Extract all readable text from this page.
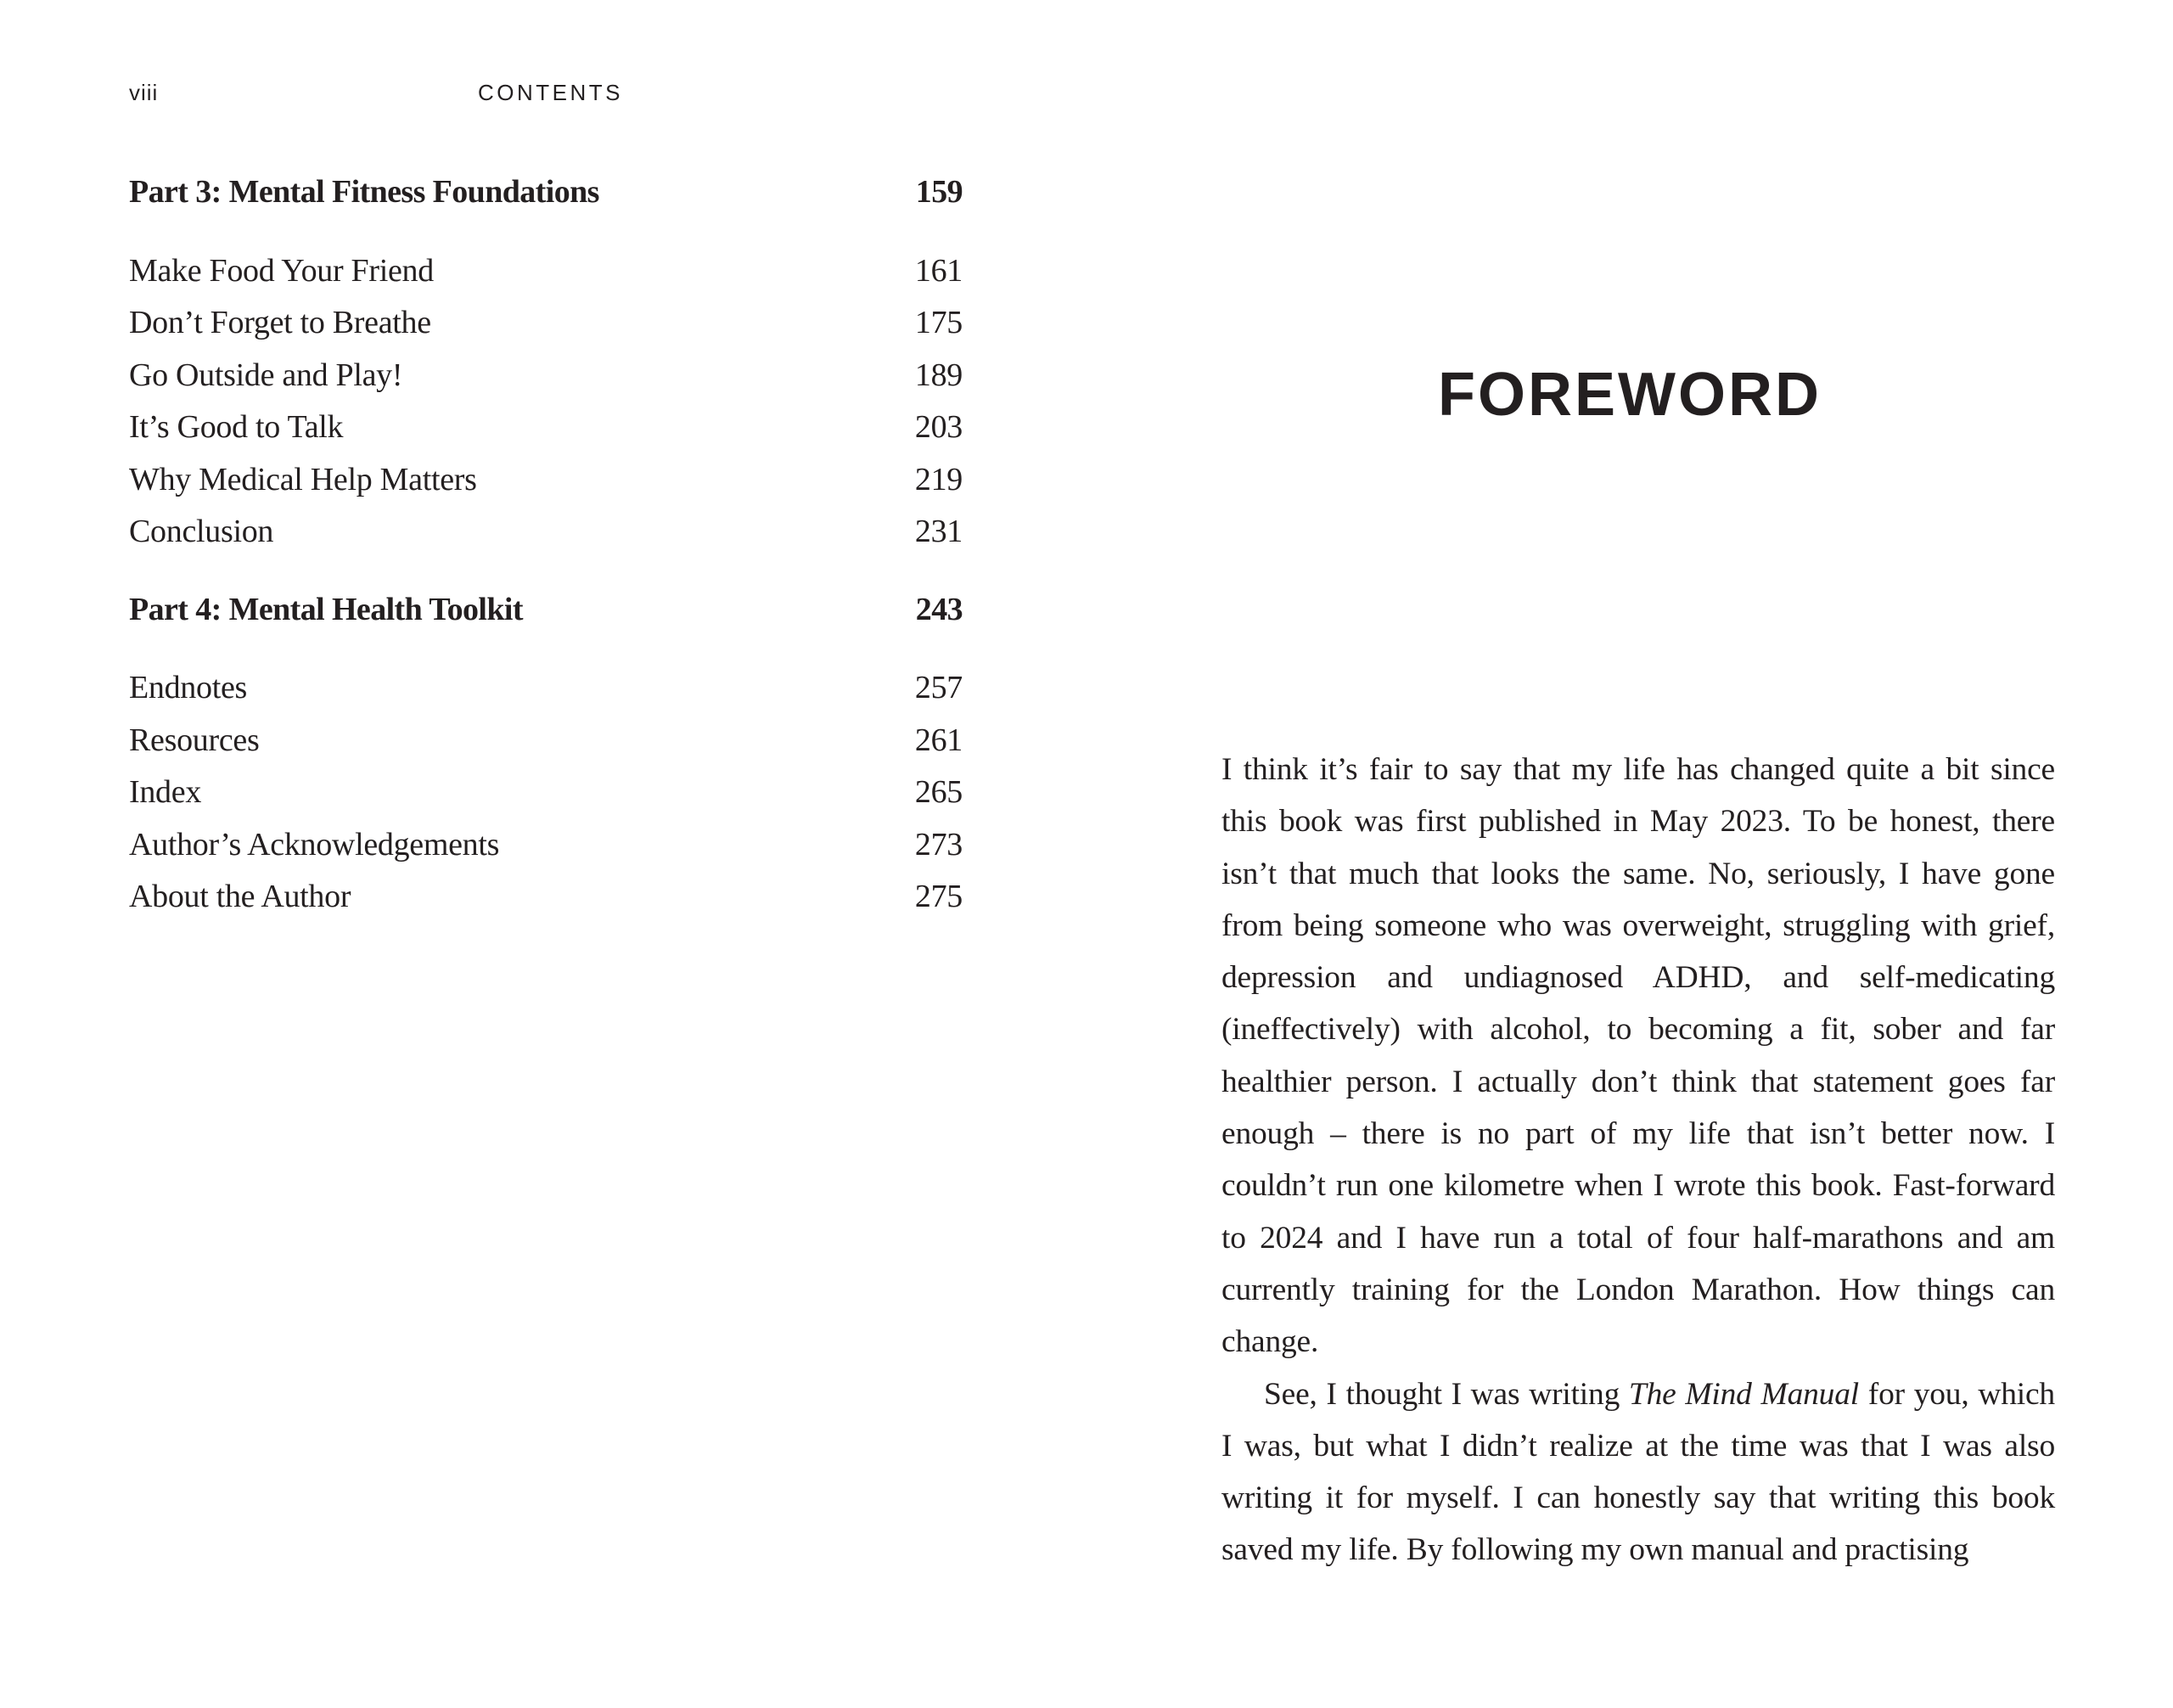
viii	CONTENTS
Part 3: Mental Fitness Foundations	159
Make Food Your Friend	161
Don’t Forget to Breathe	175
Go Outside and Play!	189
It’s Good to Talk	203
Why Medical Help Matters	219
Conclusion	231
Part 4: Mental Health Toolkit	243
Endnotes	257
Resources	261
Index	265
Author’s Acknowledgements	273
About the Author	275
FOREWORD

I think it’s fair to say that my life has changed quite a bit since this book was first published in May 2023. To be honest, there isn’t that much that looks the same. No, seriously, I have gone from being someone who was overweight, struggling with grief, depression and undiagnosed ADHD, and self-medicating (ineffectively) with alcohol, to becoming a fit, sober and far healthier person. I actually don’t think that statement goes far enough – there is no part of my life that isn’t better now. I couldn’t run one kilometre when I wrote this book. Fast-forward to 2024 and I have run a total of four half-marathons and am currently training for the London Marathon. How things can change.

See, I thought I was writing The Mind Manual for you, which I was, but what I didn’t realize at the time was that I was also writing it for myself. I can honestly say that writing this book saved my life. By following my own manual and practising
